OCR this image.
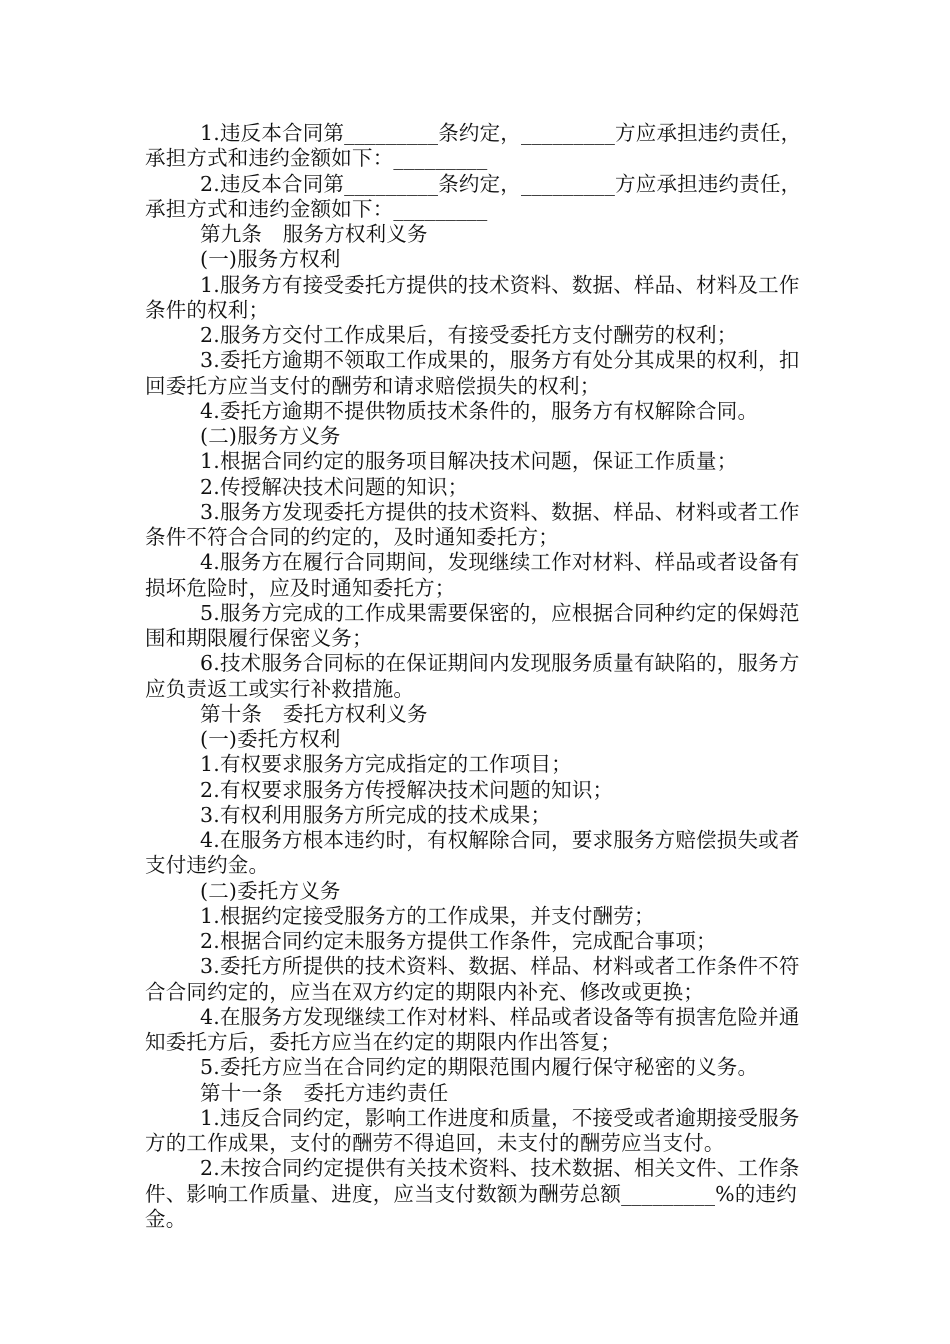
1.违反本合同第_________条约定，_________方应承担违约责任，承担方式和违约金额如下：_________

2.违反本合同第_________条约定，_________方应承担违约责任，承担方式和违约金额如下：_________

第九条　服务方权利义务

(一)服务方权利

1.服务方有接受委托方提供的技术资料、数据、样品、材料及工作条件的权利；

2.服务方交付工作成果后，有接受委托方支付酬劳的权利；

3.委托方逾期不领取工作成果的，服务方有处分其成果的权利，扣回委托方应当支付的酬劳和请求赔偿损失的权利；

4.委托方逾期不提供物质技术条件的，服务方有权解除合同。

(二)服务方义务

1.根据合同约定的服务项目解决技术问题，保证工作质量；

2.传授解决技术问题的知识；

3.服务方发现委托方提供的技术资料、数据、样品、材料或者工作条件不符合合同的约定的，及时通知委托方；

4.服务方在履行合同期间，发现继续工作对材料、样品或者设备有损坏危险时，应及时通知委托方；

5.服务方完成的工作成果需要保密的，应根据合同种约定的保姆范围和期限履行保密义务；

6.技术服务合同标的在保证期间内发现服务质量有缺陷的，服务方应负责返工或实行补救措施。

第十条　委托方权利义务

(一)委托方权利

1.有权要求服务方完成指定的工作项目；

2.有权要求服务方传授解决技术问题的知识；

3.有权利用服务方所完成的技术成果；

4.在服务方根本违约时，有权解除合同，要求服务方赔偿损失或者支付违约金。

(二)委托方义务

1.根据约定接受服务方的工作成果，并支付酬劳；

2.根据合同约定未服务方提供工作条件，完成配合事项；

3.委托方所提供的技术资料、数据、样品、材料或者工作条件不符合合同约定的，应当在双方约定的期限内补充、修改或更换；

4.在服务方发现继续工作对材料、样品或者设备等有损害危险并通知委托方后，委托方应当在约定的期限内作出答复；

5.委托方应当在合同约定的期限范围内履行保守秘密的义务。

第十一条　委托方违约责任

1.违反合同约定，影响工作进度和质量，不接受或者逾期接受服务方的工作成果，支付的酬劳不得追回，未支付的酬劳应当支付。

2.未按合同约定提供有关技术资料、技术数据、相关文件、工作条件、影响工作质量、进度，应当支付数额为酬劳总额_________%的违约金。
